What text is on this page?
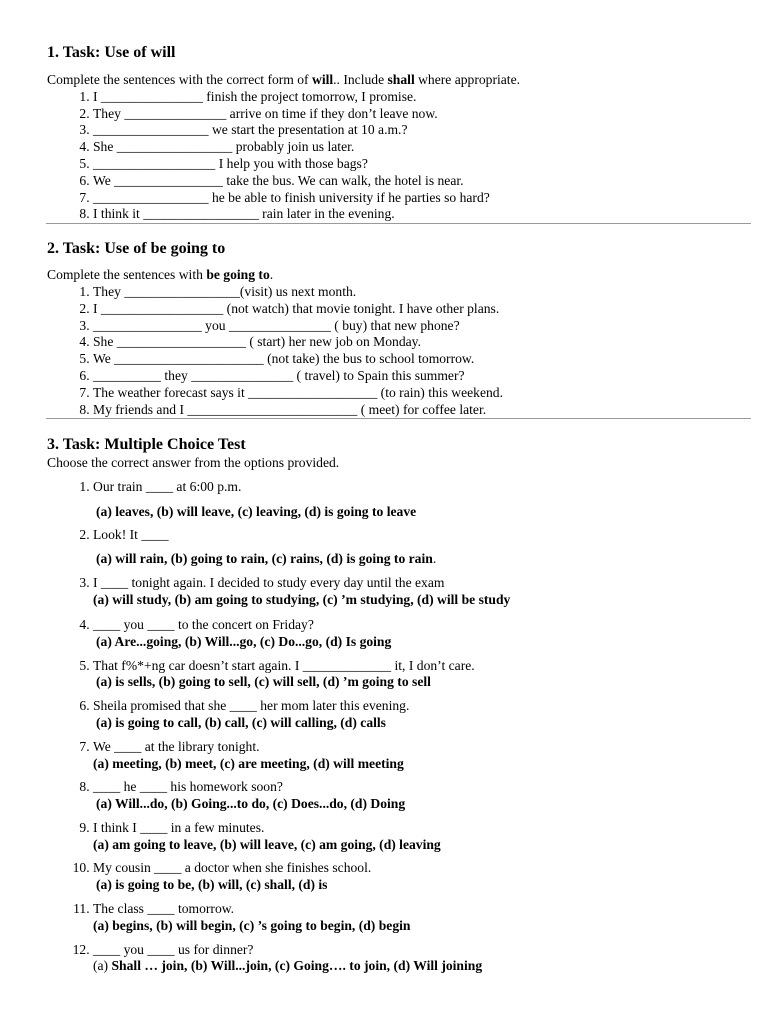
1. Task: Use of will

Complete the sentences with the correct form of will.. Include shall where appropriate.

1. I _______________ finish the project tomorrow, I promise.
2. They _______________ arrive on time if they don’t leave now.
3. _________________ we start the presentation at 10 a.m.?
4. She _________________ probably join us later.
5. __________________ I help you with those bags?
6. We ________________ take the bus. We can walk, the hotel is near.
7. _________________ he be able to finish university if he parties so hard?
8. I think it _________________ rain later in the evening.
2. Task: Use of be going to

Complete the sentences with be going to.

1. They _________________(visit) us next month.
2. I __________________ (not watch) that movie tonight. I have other plans.
3. ________________ you _______________ ( buy) that new phone?
4. She ___________________ ( start) her new job on Monday.
5. We ______________________ (not take) the bus to school tomorrow.
6. __________ they _______________ ( travel) to Spain this summer?
7. The weather forecast says it ___________________ (to rain) this weekend.
8. My friends and I _________________________ ( meet) for coffee later.
3. Task: Multiple Choice Test

Choose the correct answer from the options provided.

1. Our train ____ at 6:00 p.m.
(a) leaves, (b) will leave, (c) leaving, (d) is going to leave
2. Look! It ____
(a) will rain, (b) going to rain, (c) rains, (d) is going to rain.
3. I ____ tonight again. I decided to study every day until the exam
(a) will study, (b) am going to studying, (c) ’m studying, (d) will be study
4. ____ you ____ to the concert on Friday?
(a) Are...going, (b) Will...go, (c) Do...go, (d) Is going
5. That f%*+ng car doesn’t start again. I _____________ it, I don’t care.
(a) is sells, (b) going to sell, (c) will sell, (d) ’m going to sell
6. Sheila promised that she ____ her mom later this evening.
(a) is going to call, (b) call, (c) will calling, (d) calls
7. We ____ at the library tonight.
(a) meeting, (b) meet, (c) are meeting, (d) will meeting
8. ____ he ____ his homework soon?
(a) Will...do, (b) Going...to do, (c) Does...do, (d) Doing
9. I think I ____ in a few minutes.
(a) am going to leave, (b) will leave, (c) am going, (d) leaving
10. My cousin ____ a doctor when she finishes school.
(a) is going to be, (b) will, (c) shall, (d) is
11. The class ____ tomorrow.
(a) begins, (b) will begin, (c) ’s going to begin, (d) begin
12. ____ you ____ us for dinner?
(a) Shall … join, (b) Will...join, (c) Going…. to join, (d) Will joining
